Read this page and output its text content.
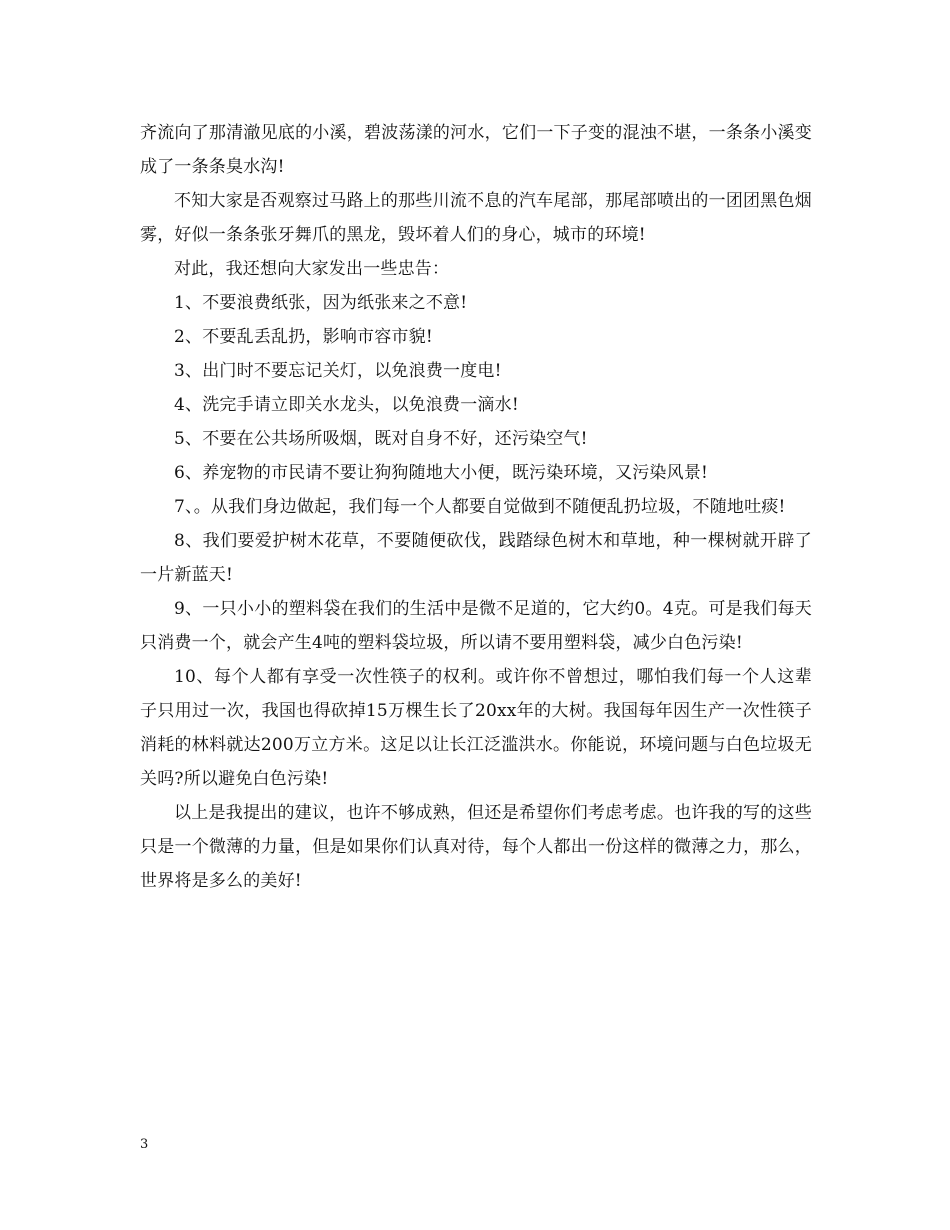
齐流向了那清澈见底的小溪，碧波荡漾的河水，它们一下子变的混浊不堪，一条条小溪变成了一条条臭水沟!

不知大家是否观察过马路上的那些川流不息的汽车尾部，那尾部喷出的一团团黑色烟雾，好似一条条张牙舞爪的黑龙，毁坏着人们的身心，城市的环境!

对此，我还想向大家发出一些忠告：

1、不要浪费纸张，因为纸张来之不意!

2、不要乱丢乱扔，影响市容市貌!

3、出门时不要忘记关灯，以免浪费一度电!

4、洗完手请立即关水龙头，以免浪费一滴水!

5、不要在公共场所吸烟，既对自身不好，还污染空气!

6、养宠物的市民请不要让狗狗随地大小便，既污染环境，又污染风景!

7、。从我们身边做起，我们每一个人都要自觉做到不随便乱扔垃圾，不随地吐痰!

8、我们要爱护树木花草，不要随便砍伐，践踏绿色树木和草地，种一棵树就开辟了一片新蓝天!

9、一只小小的塑料袋在我们的生活中是微不足道的，它大约0。4克。可是我们每天只消费一个，就会产生4吨的塑料袋垃圾，所以请不要用塑料袋，减少白色污染!

10、每个人都有享受一次性筷子的权利。或许你不曾想过，哪怕我们每一个人这辈子只用过一次，我国也得砍掉15万棵生长了20xx年的大树。我国每年因生产一次性筷子消耗的林料就达200万立方米。这足以让长江泛滥洪水。你能说，环境问题与白色垃圾无关吗?所以避免白色污染!

以上是我提出的建议，也许不够成熟，但还是希望你们考虑考虑。也许我的写的这些只是一个微薄的力量，但是如果你们认真对待，每个人都出一份这样的微薄之力，那么，世界将是多么的美好!

3
